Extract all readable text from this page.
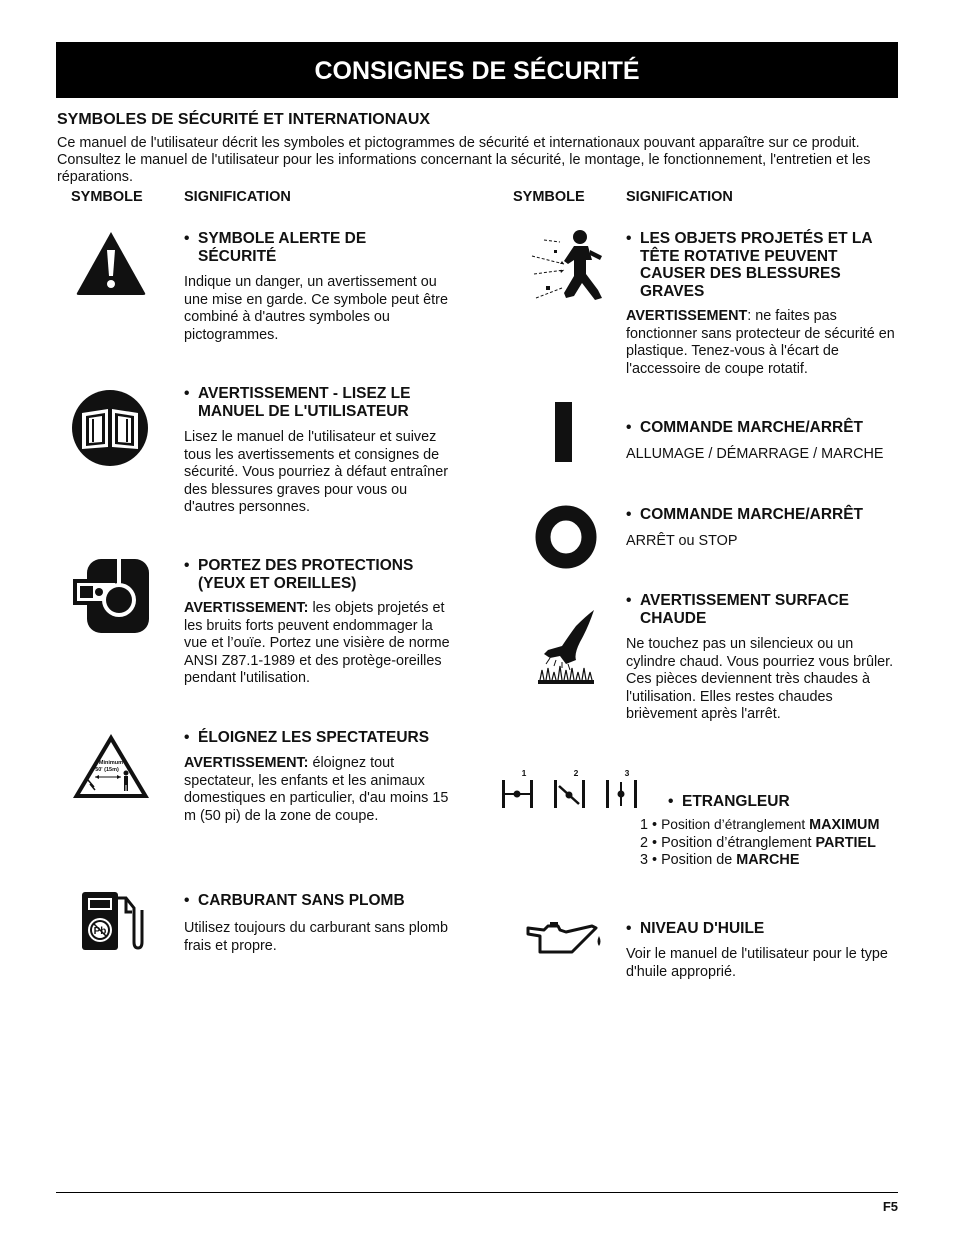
CONSIGNES DE SÉCURITÉ
SYMBOLES DE SÉCURITÉ ET INTERNATIONAUX
Ce manuel de l'utilisateur décrit les symboles et pictogrammes de sécurité et internationaux pouvant apparaître sur ce produit. Consultez le manuel de l'utilisateur pour les informations concernant la sécurité, le montage, le fonctionnement, l'entretien et les réparations.
SYMBOLE	SIGNIFICATION	SYMBOLE	SIGNIFICATION
• SYMBOLE ALERTE DE SÉCURITÉ
Indique un danger, un avertissement ou une mise en garde. Ce symbole peut être combiné à d'autres symboles ou pictogrammes.
• AVERTISSEMENT - LISEZ LE MANUEL DE L'UTILISATEUR
Lisez le manuel de l'utilisateur et suivez tous les avertissements et consignes de sécurité. Vous pourriez à défaut entraîner des blessures graves pour vous ou d'autres personnes.
• PORTEZ DES PROTECTIONS (YEUX ET OREILLES)
AVERTISSEMENT: les objets projetés et les bruits forts peuvent endommager la vue et l’ouïe. Portez une visière de norme ANSI Z87.1-1989 et des protège-oreilles pendant l'utilisation.
Minimum
50' (15m)
• ÉLOIGNEZ LES SPECTATEURS
AVERTISSEMENT: éloignez tout spectateur, les enfants et les animaux domestiques en particulier, d'au moins 15 m (50 pi) de la zone de coupe.
Pb
• CARBURANT SANS PLOMB
Utilisez toujours du carburant sans plomb frais et propre.
• LES OBJETS PROJETÉS ET LA TÊTE ROTATIVE PEUVENT CAUSER DES BLESSURES GRAVES
AVERTISSEMENT: ne faites pas fonctionner sans protecteur de sécurité en plastique. Tenez-vous à l'écart de l'accessoire de coupe rotatif.
• COMMANDE MARCHE/ARRÊT
ALLUMAGE / DÉMARRAGE / MARCHE
• COMMANDE MARCHE/ARRÊT
ARRÊT ou STOP
• AVERTISSEMENT SURFACE CHAUDE
Ne touchez pas un silencieux ou un cylindre chaud. Vous pourriez vous brûler. Ces pièces deviennent très chaudes à l'utilisation. Elles restes chaudes brièvement après l'arrêt.
1	2	3
• ETRANGLEUR
1 • Position d’étranglement MAXIMUM
2 • Position d’étranglement PARTIEL
3 • Position de MARCHE
• NIVEAU D'HUILE
Voir le manuel de l'utilisateur pour le type d'huile approprié.
F5
